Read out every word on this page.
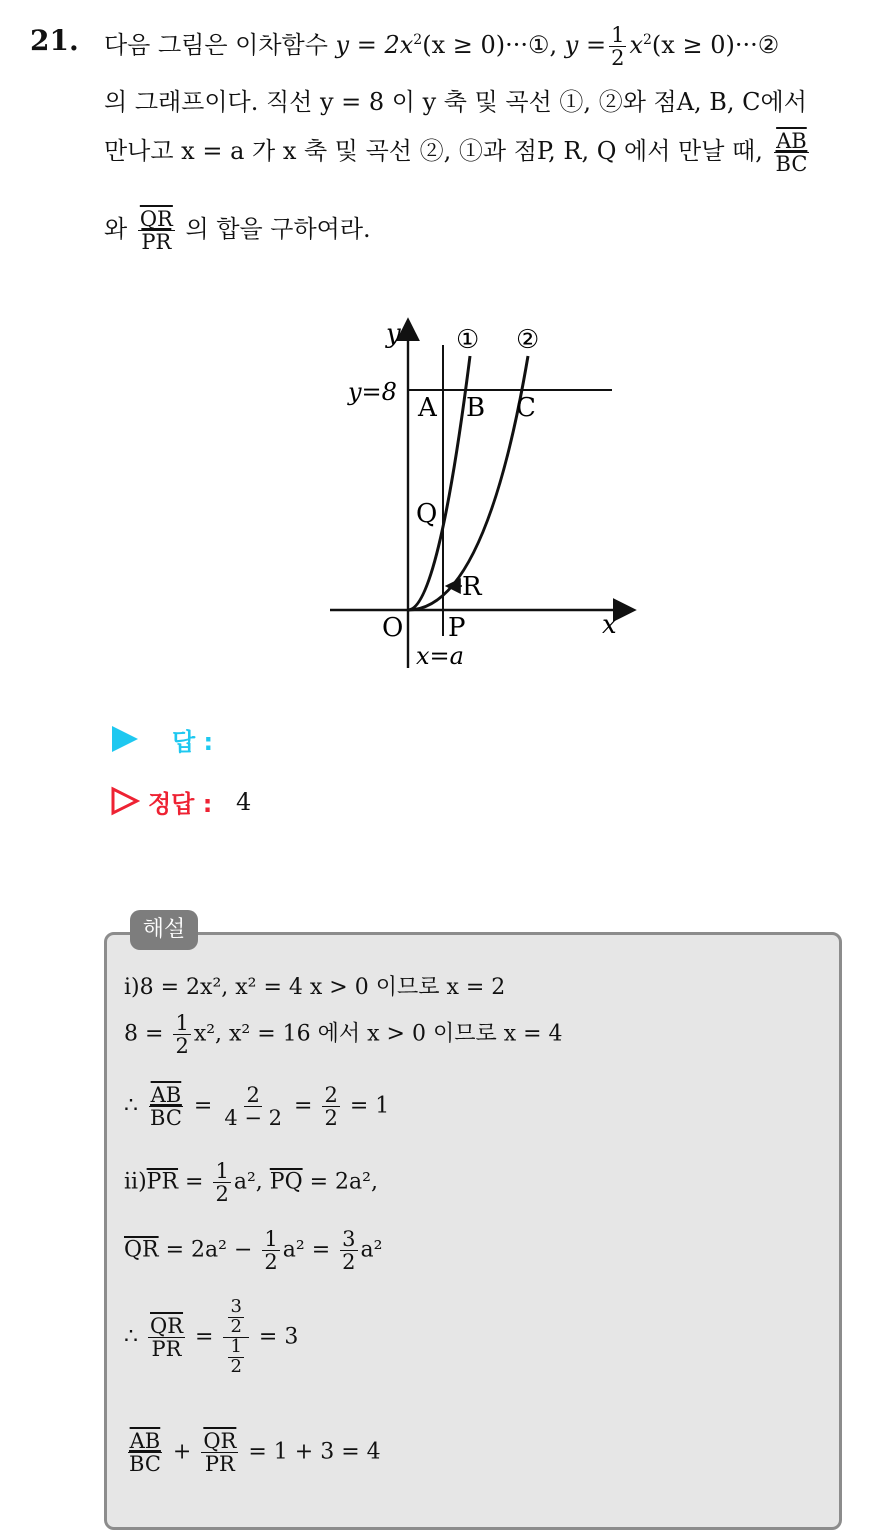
21. 다음 그림은 이차함수 $y = 2x^2(x$ ≥ 0)···①, $y = \frac{1}{2} x^2(x$ ≥ 0)···②
의 그래프이다. 직선 y = 8 이 y 축 및 곡선 ①, ②와 점A, B, C에서
만나고 x = a 가 x 축 및 곡선 ②, ①과 점P, R, Q 에서 만날 때, $\frac{\overline{AB}}{BC}$
와 $\frac{\overline{QR}}{PR}$ 의 합을 구하여라.
y
x
y=8
x=a
O
A B C
Q
R
P
① ②
답 :
정답 : 4
해설
i)8 = 2x², x² = 4 x > 0 이므로 x = 2
$8 = \frac{1}{2} x^2$, x² = 16 에서 x > 0 이므로 x = 4
∴ $\frac{\overline{AB}}{BC} = \frac{2}{4 - 2} = \frac{2}{2} = 1$
$ii)\overline{PR} = \frac{1}{2} a^2$, $\overline{PQ} = 2a^2$,
$\overline{QR} = 2a^2 - \frac{1}{2} a^2 = \frac{3}{2} a^2$
∴ $\frac{\overline{QR}}{PR} = \frac{\frac{3}{2}}{\frac{1}{2}} = 3$
$\frac{\overline{AB}}{BC} + \frac{\overline{QR}}{PR} = 1 + 3 = 4$
